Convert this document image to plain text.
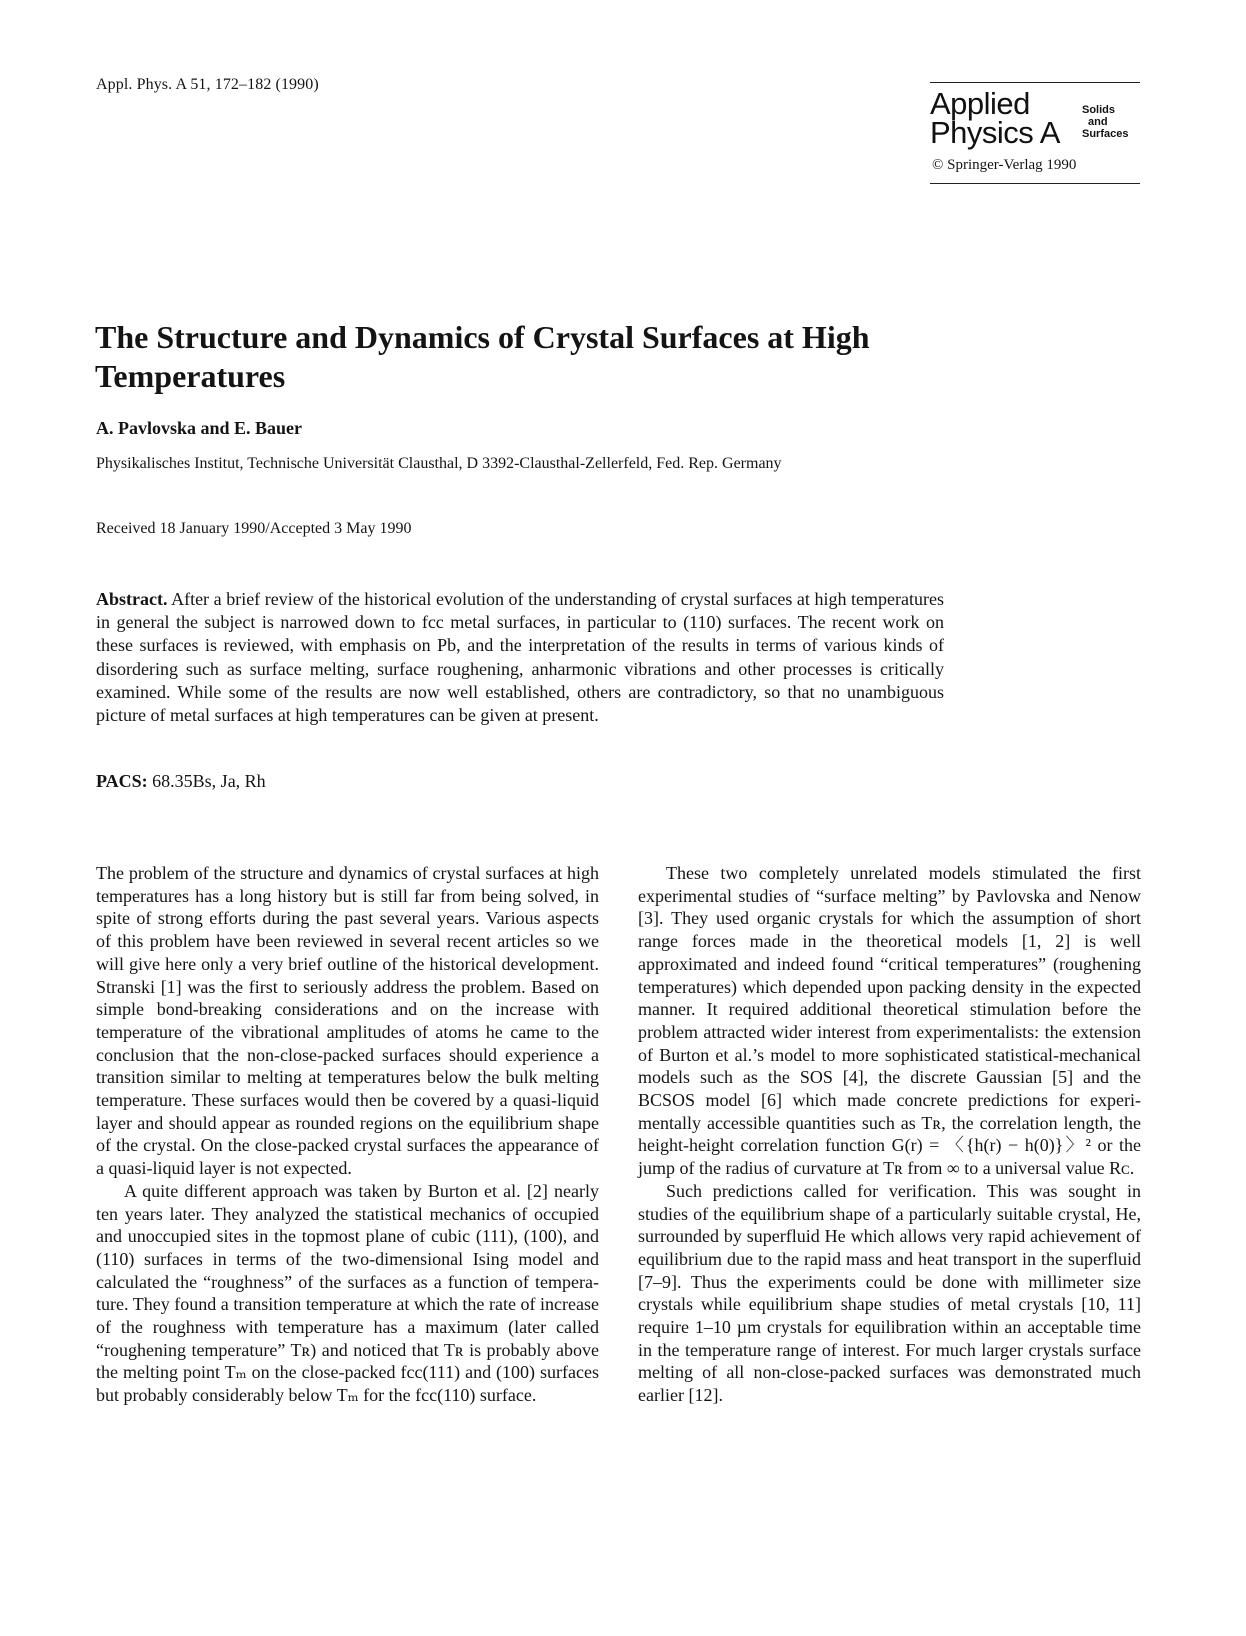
Appl. Phys. A 51, 172–182 (1990)
Applied
Physics A
Solids
and
Surfaces
© Springer-Verlag 1990
The Structure and Dynamics of Crystal Surfaces at High Temperatures
A. Pavlovska and E. Bauer
Physikalisches Institut, Technische Universität Clausthal, D 3392-Clausthal-Zellerfeld, Fed. Rep. Germany
Received 18 January 1990/Accepted 3 May 1990

Abstract. After a brief review of the historical evolution of the understanding of crystal surfaces at high temperatures in general the subject is narrowed down to fcc metal surfaces, in particular to (110) surfaces. The recent work on these surfaces is reviewed, with emphasis on Pb, and the interpretation of the results in terms of various kinds of disordering such as surface melting, surface roughening, anharmonic vibrations and other processes is critically examined. While some of the results are now well established, others are contradictory, so that no unambiguous picture of metal surfaces at high temperatures can be given at present.

PACS: 68.35Bs, Ja, Rh

The problem of the structure and dynamics of crystal surfaces at high temperatures has a long history but is still far from being solved, in spite of strong efforts during the past several years. Various aspects of this problem have been reviewed in several recent articles so we will give here only a very brief outline of the historical development. Stranski [1] was the first to seriously address the problem. Based on simple bond-breaking considerations and on the increase with temperature of the vibrational amplitudes of atoms he came to the conclusion that the non-close-packed surfaces should experience a transition similar to melting at temperatures below the bulk melting temperature. These surfaces would then be covered by a quasi-liquid layer and should appear as rounded regions on the equilibrium shape of the crystal. On the close-packed crystal surfaces the appearance of a quasi-liquid layer is not expected.

A quite different approach was taken by Burton et al. [2] nearly ten years later. They analyzed the statistical mechanics of occupied and unoccupied sites in the topmost plane of cubic (111), (100), and (110) surfaces in terms of the two-dimensional Ising model and calculated the “roughness” of the surfaces as a function of temperature. They found a transition temperature at which the rate of increase of the roughness with temperature has a maximum (later called “roughening temperature” Tʀ) and noticed that Tʀ is probably above the melting point Tₘ on the close-packed fcc(111) and (100) surfaces but probably considerably below Tₘ for the fcc(110) surface.

These two completely unrelated models stimulated the first experimental studies of “surface melting” by Pavlovska and Nenow [3]. They used organic crystals for which the assumption of short range forces made in the theoretical models [1, 2] is well approximated and indeed found “critical temperatures” (roughening temperatures) which depended upon packing density in the expected manner. It required additional theoretical stimulation before the problem attracted wider interest from experimentalists: the extension of Burton et al.’s model to more sophisticated statistical-mechanical models such as the SOS [4], the discrete Gaussian [5] and the BCSOS model [6] which made concrete predictions for experimentally accessible quantities such as Tʀ, the correlation length, the height-height correlation function G(r) = 〈{h(r) − h(0)}〉² or the jump of the radius of curvature at Tʀ from ∞ to a universal value Rᴄ.

Such predictions called for verification. This was sought in studies of the equilibrium shape of a particularly suitable crystal, He, surrounded by superfluid He which allows very rapid achievement of equilibrium due to the rapid mass and heat transport in the superfluid [7–9]. Thus the experiments could be done with millimeter size crystals while equilibrium shape studies of metal crystals [10, 11] require 1–10 µm crystals for equilibration within an acceptable time in the temperature range of interest. For much larger crystals surface melting of all non-close-packed surfaces was demonstrated much earlier [12].
